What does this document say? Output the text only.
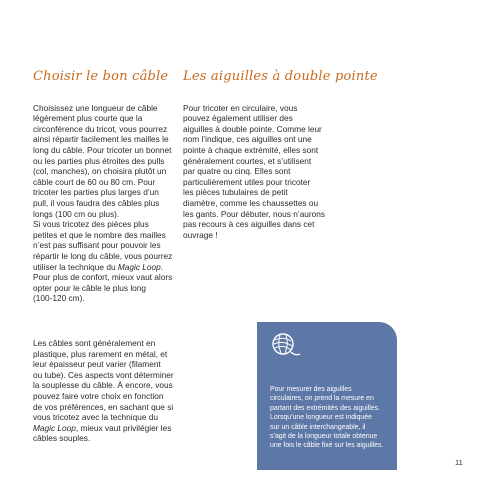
Choisir le bon câble

Choisissez une longueur de câble
légèrement plus courte que la
circonférence du tricot, vous pourrez
ainsi répartir facilement les mailles le
long du câble. Pour tricoter un bonnet
ou les parties plus étroites des pulls
(col, manches), on choisira plutôt un
câble court de 60 ou 80 cm. Pour
tricoter les parties plus larges d’un
pull, il vous faudra des câbles plus
longs (100 cm ou plus).
Si vous tricotez des pièces plus
petites et que le nombre des mailles
n’est pas suffisant pour pouvoir les
répartir le long du câble, vous pourrez
utiliser la technique du Magic Loop.
Pour plus de confort, mieux vaut alors
opter pour le câble le plus long
(100-120 cm).

Les câbles sont généralement en
plastique, plus rarement en métal, et
leur épaisseur peut varier (filament
ou tube). Ces aspects vont déterminer
la souplesse du câble. À encore, vous
pouvez faire votre choix en fonction
de vos préférences, en sachant que si
vous tricotez avec la technique du
Magic Loop, mieux vaut privilégier les
câbles souples.

Les aiguilles à double pointe

Pour tricoter en circulaire, vous
pouvez également utiliser des
aiguilles à double pointe. Comme leur
nom l’indique, ces aiguilles ont une
pointe à chaque extrémité, elles sont
généralement courtes, et s’utilisent
par quatre ou cinq. Elles sont
particulièrement utiles pour tricoter
les pièces tubulaires de petit
diamètre, comme les chaussettes ou
les gants. Pour débuter, nous n’aurons
pas recours à ces aiguilles dans cet
ouvrage !

Pour mesurer des aiguilles
circulaires, on prend la mesure en
partant des extrémités des aiguilles.
Lorsqu’une longueur est indiquée
sur un câble interchangeable, il
s’agit de la longueur totale obtenue
une fois le câble fixé sur les aiguilles.
11
